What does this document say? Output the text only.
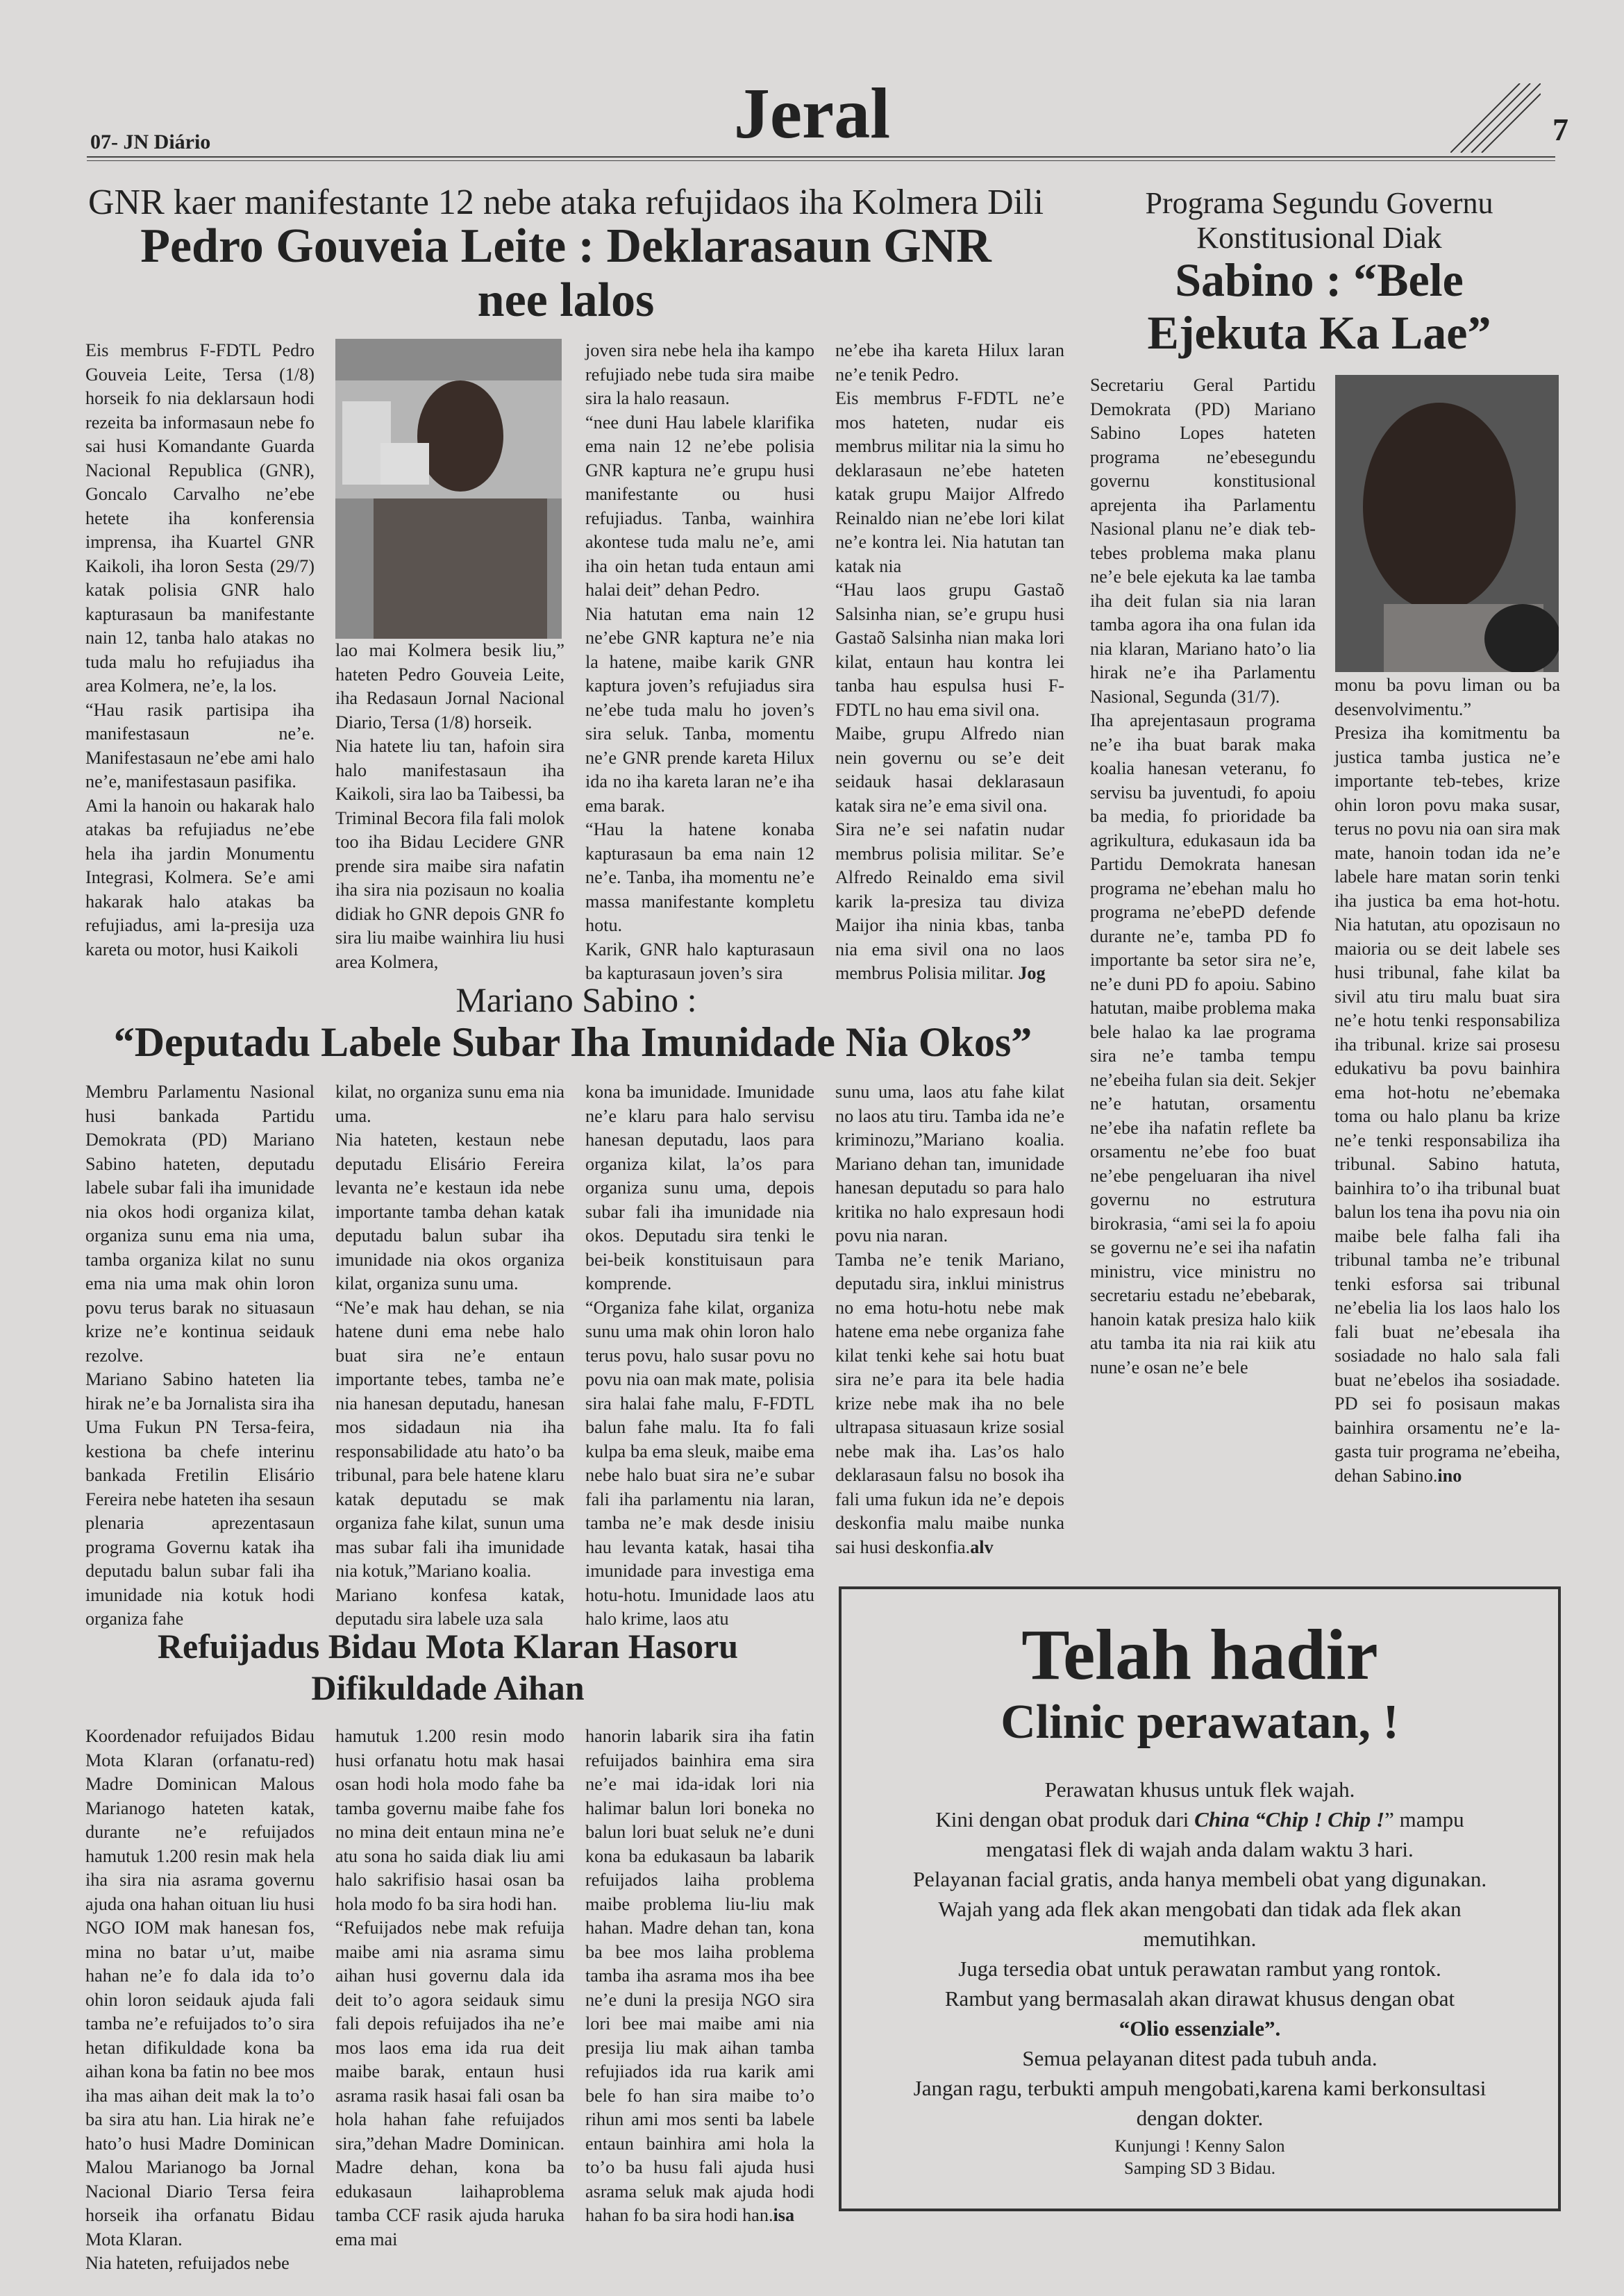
07- JN Diário	Jeral	7
GNR kaer manifestante 12 nebe ataka refujidaos iha Kolmera Dili
Pedro Gouveia Leite : Deklarasaun GNR
nee lalos

Eis membrus F-FDTL Pedro Gouveia Leite, Tersa (1/8) horseik fo nia deklarsaun hodi rezeita ba informasaun nebe fo sai husi Komandante Guarda Nacional Republica (GNR), Goncalo Carvalho ne’ebe hetete iha konferensia imprensa, iha Kuartel GNR Kaikoli, iha loron Sesta (29/7) katak polisia GNR halo kapturasaun ba manifestante nain 12, tanba halo atakas no tuda malu ho refujiadus iha area Kolmera, ne’e, la los.

“Hau rasik partisipa iha manifestasaun ne’e. Manifestasaun ne’ebe ami halo ne’e, manifestasaun pasifika.

Ami la hanoin ou hakarak halo atakas ba refujiadus ne’ebe hela iha jardin Monumentu Integrasi, Kolmera. Se’e ami hakarak halo atakas ba refujiadus, ami la-presija uza kareta ou motor, husi Kaikoli

lao mai Kolmera besik liu,” hateten Pedro Gouveia Leite, iha Redasaun Jornal Nacional Diario, Tersa (1/8) horseik.

Nia hatete liu tan, hafoin sira halo manifestasaun iha Kaikoli, sira lao ba Taibessi, ba Triminal Becora fila fali molok too iha Bidau Lecidere GNR prende sira maibe sira nafatin iha sira nia pozisaun no koalia didiak ho GNR depois GNR fo sira liu maibe wainhira liu husi area Kolmera,

joven sira nebe hela iha kampo refujiado nebe tuda sira maibe sira la halo reasaun.

“nee duni Hau labele klarifika ema nain 12 ne’ebe polisia GNR kaptura ne’e grupu husi manifestante ou husi refujiadus. Tanba, wainhira akontese tuda malu ne’e, ami iha oin hetan tuda entaun ami halai deit” dehan Pedro.

Nia hatutan ema nain 12 ne’ebe GNR kaptura ne’e nia la hatene, maibe karik GNR kaptura joven’s refujiadus sira ne’ebe tuda malu ho joven’s sira seluk. Tanba, momentu ne’e GNR prende kareta Hilux ida no iha kareta laran ne’e iha ema barak.

“Hau la hatene konaba kapturasaun ba ema nain 12 ne’e. Tanba, iha momentu ne’e massa manifestante kompletu hotu.

Karik, GNR halo kapturasaun ba kapturasaun joven’s sira

ne’ebe iha kareta Hilux laran ne’e tenik Pedro.

Eis membrus F-FDTL ne’e mos hateten, nudar eis membrus militar nia la simu ho deklarasaun ne’ebe hateten katak grupu Maijor Alfredo Reinaldo nian ne’ebe lori kilat ne’e kontra lei. Nia hatutan tan katak nia

“Hau laos grupu Gastaõ Salsinha nian, se’e grupu husi Gastaõ Salsinha nian maka lori kilat, entaun hau kontra lei tanba hau espulsa husi F-FDTL no hau ema sivil ona.

Maibe, grupu Alfredo nian nein governu ou se’e deit seidauk hasai deklarasaun katak sira ne’e ema sivil ona.

Sira ne’e sei nafatin nudar membrus polisia militar. Se’e Alfredo Reinaldo ema sivil karik la-presiza tau diviza Maijor iha ninia kbas, tanba nia ema sivil ona no laos membrus Polisia militar. Jog

Programa Segundu Governu
Konstitusional Diak
Sabino : “Bele
Ejekuta Ka Lae”

Secretariu Geral Partidu Demokrata (PD) Mariano Sabino Lopes hateten programa ne’ebesegundu governu konstitusional aprejenta iha Parlamentu Nasional planu ne’e diak teb-tebes problema maka planu ne’e bele ejekuta ka lae tamba iha deit fulan sia nia laran tamba agora iha ona fulan ida nia klaran, Mariano hato’o lia hirak ne’e iha Parlamentu Nasional, Segunda (31/7).

Iha aprejentasaun programa ne’e iha buat barak maka koalia hanesan veteranu, fo servisu ba juventudi, fo apoiu ba media, fo prioridade ba agrikultura, edukasaun ida ba Partidu Demokrata hanesan programa ne’ebehan malu ho programa ne’ebePD defende durante ne’e, tamba PD fo importante ba setor sira ne’e, ne’e duni PD fo apoiu. Sabino hatutan, maibe problema maka bele halao ka lae programa sira ne’e tamba tempu ne’ebeiha fulan sia deit. Sekjer ne’e hatutan, orsamentu ne’ebe iha nafatin reflete ba orsamentu ne’ebe foo buat ne’ebe pengeluaran iha nivel governu no estrutura birokrasia, “ami sei la fo apoiu se governu ne’e sei iha nafatin ministru, vice ministru no secretariu estadu ne’ebebarak, hanoin katak presiza halo kiik atu tamba ita nia rai kiik atu nune’e osan ne’e bele

monu ba povu liman ou ba desenvolvimentu.”

Presiza iha komitmentu ba justica tamba justica ne’e importante teb-tebes, krize ohin loron povu maka susar, terus no povu nia oan sira mak mate, hanoin todan ida ne’e labele hare matan sorin tenki iha justica ba ema hot-hotu. Nia hatutan, atu opozisaun no maioria ou se deit labele ses husi tribunal, fahe kilat ba sivil atu tiru malu buat sira ne’e hotu tenki responsabiliza iha tribunal. krize sai prosesu edukativu ba povu bainhira ema hot-hotu ne’ebemaka toma ou halo planu ba krize ne’e tenki responsabiliza iha tribunal. Sabino hatuta, bainhira to’o iha tribunal buat balun los tena iha povu nia oin maibe bele falha fali iha tribunal tamba ne’e tribunal tenki esforsa sai tribunal ne’ebelia lia los laos halo los fali buat ne’ebesala iha sosiadade no halo sala fali buat ne’ebelos iha sosiadade. PD sei fo posisaun makas bainhira orsamentu ne’e la-gasta tuir programa ne’ebeiha, dehan Sabino.ino

Mariano Sabino :
“Deputadu Labele Subar Iha Imunidade Nia Okos”

Membru Parlamentu Nasional husi bankada Partidu Demokrata (PD) Mariano Sabino hateten, deputadu labele subar fali iha imunidade nia okos hodi organiza kilat, organiza sunu ema nia uma, tamba organiza kilat no sunu ema nia uma mak ohin loron povu terus barak no situasaun krize ne’e kontinua seidauk rezolve.

Mariano Sabino hateten lia hirak ne’e ba Jornalista sira iha Uma Fukun PN Tersa-feira, kestiona ba chefe interinu bankada Fretilin Elisário Fereira nebe hateten iha sesaun plenaria aprezentasaun programa Governu katak iha deputadu balun subar fali iha imunidade nia kotuk hodi organiza fahe

kilat, no organiza sunu ema nia uma.

Nia hateten, kestaun nebe deputadu Elisário Fereira levanta ne’e kestaun ida nebe importante tamba dehan katak deputadu balun subar iha imunidade nia okos organiza kilat, organiza sunu uma.

“Ne’e mak hau dehan, se nia hatene duni ema nebe halo buat sira ne’e entaun importante tebes, tamba ne’e nia hanesan deputadu, hanesan mos sidadaun nia iha responsabilidade atu hato’o ba tribunal, para bele hatene klaru katak deputadu se mak organiza fahe kilat, sunun uma mas subar fali iha imunidade nia kotuk,”Mariano koalia.

Mariano konfesa katak, deputadu sira labele uza sala

kona ba imunidade. Imunidade ne’e klaru para halo servisu hanesan deputadu, laos para organiza kilat, la’os para organiza sunu uma, depois subar fali iha imunidade nia okos. Deputadu sira tenki le bei-beik konstituisaun para komprende.

“Organiza fahe kilat, organiza sunu uma mak ohin loron halo terus povu, halo susar povu no povu nia oan mak mate, polisia sira halai fahe malu, F-FDTL balun fahe malu. Ita fo fali kulpa ba ema sleuk, maibe ema nebe halo buat sira ne’e subar fali iha parlamentu nia laran, tamba ne’e mak desde inisiu hau levanta katak, hasai tiha imunidade para investiga ema hotu-hotu. Imunidade laos atu halo krime, laos atu

sunu uma, laos atu fahe kilat no laos atu tiru. Tamba ida ne’e kriminozu,”Mariano koalia. Mariano dehan tan, imunidade hanesan deputadu so para halo kritika no halo expresaun hodi povu nia naran.

Tamba ne’e tenik Mariano, deputadu sira, inklui ministrus no ema hotu-hotu nebe mak hatene ema nebe organiza fahe kilat tenki kehe sai hotu buat sira ne’e para ita bele hadia krize nebe mak iha no bele ultrapasa situasaun krize sosial nebe mak iha. Las’os halo deklarasaun falsu no bosok iha fali uma fukun ida ne’e depois deskonfia malu maibe nunka sai husi deskonfia.alv

Refuijadus Bidau Mota Klaran Hasoru
Difikuldade Aihan

Koordenador refuijados Bidau Mota Klaran (orfanatu-red) Madre Dominican Malous Marianogo hateten katak, durante ne’e refuijados hamutuk 1.200 resin mak hela iha sira nia asrama governu ajuda ona hahan oituan liu husi NGO IOM mak hanesan fos, mina no batar u’ut, maibe hahan ne’e fo dala ida to’o ohin loron seidauk ajuda fali tamba ne’e refuijados to’o sira hetan difikuldade kona ba aihan kona ba fatin no bee mos iha mas aihan deit mak la to’o ba sira atu han. Lia hirak ne’e hato’o husi Madre Dominican Malou Marianogo ba Jornal Nacional Diario Tersa feira horseik iha orfanatu Bidau Mota Klaran.

Nia hateten, refuijados nebe

hamutuk 1.200 resin modo husi orfanatu hotu mak hasai osan hodi hola modo fahe ba tamba governu maibe fahe fos no mina deit entaun mina ne’e atu sona ho saida diak liu ami halo sakrifisio hasai osan ba hola modo fo ba sira hodi han.

“Refuijados nebe mak refuija maibe ami nia asrama simu aihan husi governu dala ida deit to’o agora seidauk simu fali depois refuijados iha ne’e mos laos ema ida rua deit maibe barak, entaun husi asrama rasik hasai fali osan ba hola hahan fahe refuijados sira,”dehan Madre Dominican. Madre dehan, kona ba edukasaun laihaproblema tamba CCF rasik ajuda haruka ema mai

hanorin labarik sira iha fatin refuijados bainhira ema sira ne’e mai ida-idak lori nia halimar balun lori boneka no balun lori buat seluk ne’e duni kona ba edukasaun ba labarik refuijados laiha problema maibe problema liu-liu mak hahan. Madre dehan tan, kona ba bee mos laiha problema tamba iha asrama mos iha bee ne’e duni la presija NGO sira lori bee mai maibe ami nia presija liu mak aihan tamba refujiados ida rua karik ami bele fo han sira maibe to’o rihun ami mos senti ba labele entaun bainhira ami hola la to’o ba husu fali ajuda husi asrama seluk mak ajuda hodi hahan fo ba sira hodi han.isa

Telah hadir
Clinic perawatan, !
Perawatan khusus untuk flek wajah.
Kini dengan obat produk dari China “Chip ! Chip !” mampu
mengatasi flek di wajah anda dalam waktu 3 hari.
Pelayanan facial gratis, anda hanya membeli obat yang digunakan.
Wajah yang ada flek akan mengobati dan tidak ada flek akan
memutihkan.
Juga tersedia obat untuk perawatan rambut yang rontok.
Rambut yang bermasalah akan dirawat khusus dengan obat
“Olio essenziale”.
Semua pelayanan ditest pada tubuh anda.
Jangan ragu, terbukti ampuh mengobati,karena kami berkonsultasi
dengan dokter.
Kunjungi ! Kenny Salon
Samping SD 3 Bidau.
